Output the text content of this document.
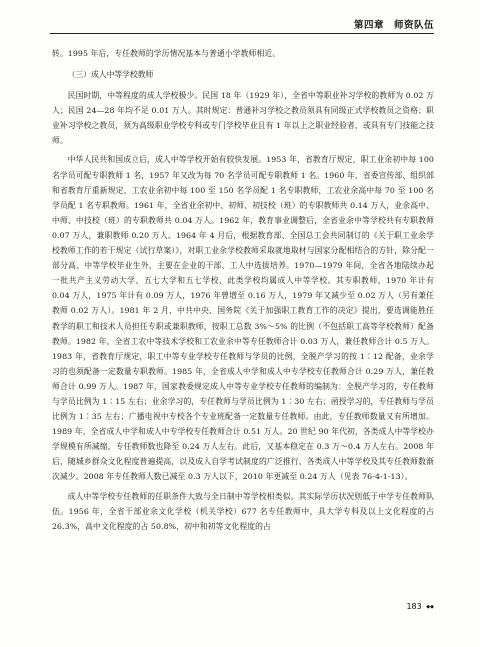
第四章　师资队伍

转。1995 年后，专任教师的学历情况基本与普通小学教师相近。

（三）成人中等学校教师

民国时期，中等程度的成人学校极少。民国 18 年（1929 年），全省中等职业补习学校的教师为 0.02 万人；民国 24—28 年均不足 0.01 万人。其时规定：普通补习学校之教员须具有同级正式学校教员之资格；职业补习学校之教员，须为高级职业学校专科或专门学校毕业且有 1 年以上之职业经验者，或具有专门技能之技师。

中华人民共和国成立后，成人中等学校开始有较快发展。1953 年，省教育厅规定，职工业余初中每 100 名学员可配专职教师 1 名，1957 年又改为每 70 名学员可配专职教师 1 名。1960 年，省委宣传部、组织部和省教育厅重新规定，工农业余初中每 100 至 150 名学员配 1 名专职教师，工农业余高中每 70 至 100 名学员配 1 名专职教师。1961 年，全省业余初中、初师、初技校（班）的专职教师共 0.14 万人，业余高中、中师、中技校（班）的专职教师共 0.04 万人。1962 年，教育事业调整后，全省业余中等学校共有专职教师 0.07 万人，兼职教师 0.20 万人。1964 年 4 月后，根据教育部、全国总工会共同制订的《关于职工业余学校教师工作的若干规定（试行草案）》，对职工业余学校教师采取就地取材与国家分配相结合的方针，除分配一部分高、中等学校毕业生外，主要在企业的干部、工人中选拔培养。1970—1979 年间，全省各地陆续办起一批共产主义劳动大学、五七大学和五七学校，此类学校均属成人中等学校。其专职教师，1970 年计有 0.04 万人，1975 年计有 0.09 万人，1976 年曾增至 0.16 万人，1979 年又减少至 0.02 万人（另有兼任教师 0.02 万人）。1981 年 2 月，中共中央、国务院《关于加强职工教育工作的决定》提出，要选调能胜任教学的职工和技术人员担任专职或兼职教师，按职工总数 3%～5% 的比例（不包括职工高等学校教师）配备教师。1982 年，全省工农中等技术学校和工农业余中等专任教师合计 0.03 万人，兼任教师合计 0.5 万人。1983 年，省教育厅规定，职工中等专业学校专任教师与学员的比例，全脱产学习的按 1∶12 配备，业余学习的也须配备一定数量专职教师。1985 年，全省成人中学和成人中专学校专任教师合计 0.29 万人，兼任教师合计 0.99 万人。1987 年，国家教委规定成人中等专业学校专任教师的编制为：全脱产学习的，专任教师与学员比例为 1∶15 左右；业余学习的，专任教师与学员比例为 1∶30 左右；函授学习的，专任教师与学员比例为 1∶35 左右；广播电视中专校各个专业班配备一定数量专任教师。由此，专任教师数量又有所增加。1989 年，全省成人中学和成人中专学校专任教师合计 0.51 万人。20 世纪 90 年代初，各类成人中等学校办学规模有所减缩，专任教师数也降至 0.24 万人左右。此后，又基本稳定在 0.3 万～0.4 万人左右。2008 年后，随城乡群众文化程度普遍提高，以及成人自学考试制度的广泛推行，各类成人中等学校及其专任教师数渐次减少。2008 年专任教师人数已减至 0.3 万人以下，2010 年更减至 0.24 万人（见表 76-4-1-13）。

成人中等学校专任教师的任职条件大致与全日制中等学校相类似。其实际学历状况则低于中学专任教师队伍。1956 年，全省干部业余文化学校（机关学校）677 名专任教师中，具大学专科及以上文化程度的占 26.3%，高中文化程度的占 50.8%，初中和初等文化程度的占

183 ◆◆
